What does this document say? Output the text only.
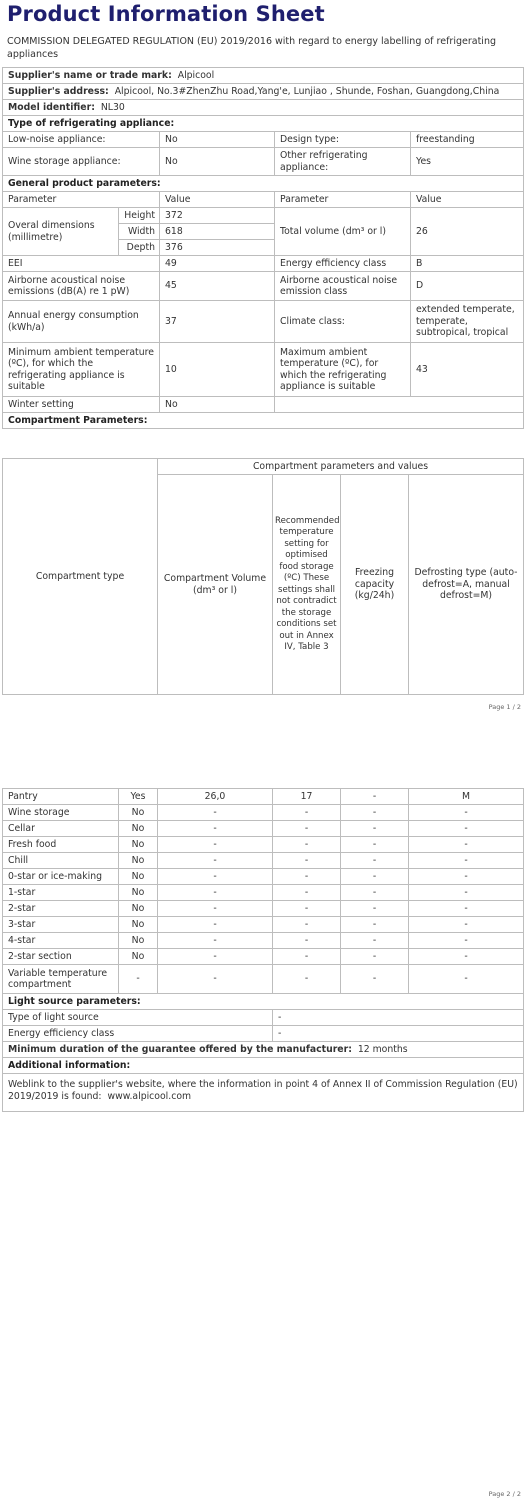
Product Information Sheet
COMMISSION DELEGATED REGULATION (EU) 2019/2016 with regard to energy labelling of refrigerating appliances
Supplier's name or trade mark: Alpicool				
Supplier's address: Alpicool, No.3#ZhenZhu Road,Yang'e, Lunjiao , Shunde, Foshan, Guangdong,China				
Model identifier: NL30				
Type of refrigerating appliance:				
Low-noise appliance:		No	Design type:	freestanding
Wine storage appliance:		No	Other refrigerating appliance:	Yes
General product parameters:				
Parameter		Value	Parameter	Value
Overal dimensions (millimetre)	Height	372	Total volume (dm³ or l)	26
	Width	618		
	Depth	376		
EEI		49	Energy efficiency class	B
Airborne acoustical noise emissions (dB(A) re 1 pW)		45	Airborne acoustical noise emission class	D
Annual energy consumption (kWh/a)		37	Climate class:	extended temperate, temperate, subtropical, tropical
Minimum ambient temperature (ºC), for which the refrigerating appliance is suitable		10	Maximum ambient temperature (ºC), for which the refrigerating appliance is suitable	43
Winter setting		No		
Compartment Parameters:				
Compartment type	Compartment parameters and values			
	Compartment Volume (dm³ or l)	Recommended temperature setting for optimised food storage (ºC) These settings shall not contradict the storage conditions set out in Annex IV, Table 3	Freezing capacity (kg/24h)	Defrosting type (auto-defrost=A, manual defrost=M)
Page 1 / 2
Pantry	Yes	26,0	17	-	M
Wine storage	No	-	-	-	-
Cellar	No	-	-	-	-
Fresh food	No	-	-	-	-
Chill	No	-	-	-	-
0-star or ice-making	No	-	-	-	-
1-star	No	-	-	-	-
2-star	No	-	-	-	-
3-star	No	-	-	-	-
4-star	No	-	-	-	-
2-star section	No	-	-	-	-
Variable temperature compartment	-	-	-	-	-
Light source parameters:					
Type of light source			-		
Energy efficiency class			-		
Minimum duration of the guarantee offered by the manufacturer: 12 months					
Additional information:					
Weblink to the supplier's website, where the information in point 4 of Annex II of Commission Regulation (EU) 2019/2019 is found: www.alpicool.com					
Page 2 / 2
